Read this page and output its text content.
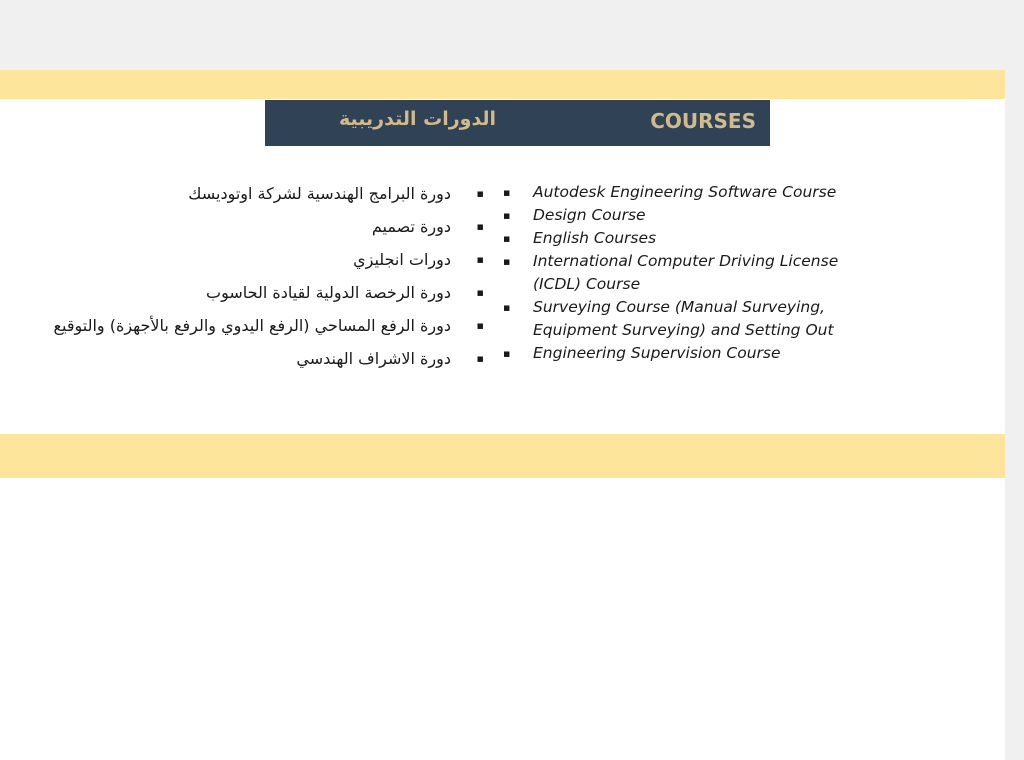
الدورات التدريبية	COURSES
▪
دورة البرامج الهندسية لشركة اوتوديسك
▪
دورة تصميم
▪
دورات انجليزي
▪
دورة الرخصة الدولية لقيادة الحاسوب
▪
دورة الرفع المساحي (الرفع اليدوي والرفع بالأجهزة) والتوقيع
▪
دورة الاشراف الهندسي
▪ Autodesk Engineering Software Course
▪ Design Course
▪ English Courses
▪ International Computer Driving License (ICDL) Course
▪ Surveying Course (Manual Surveying, Equipment Surveying) and Setting Out
▪ Engineering Supervision Course
